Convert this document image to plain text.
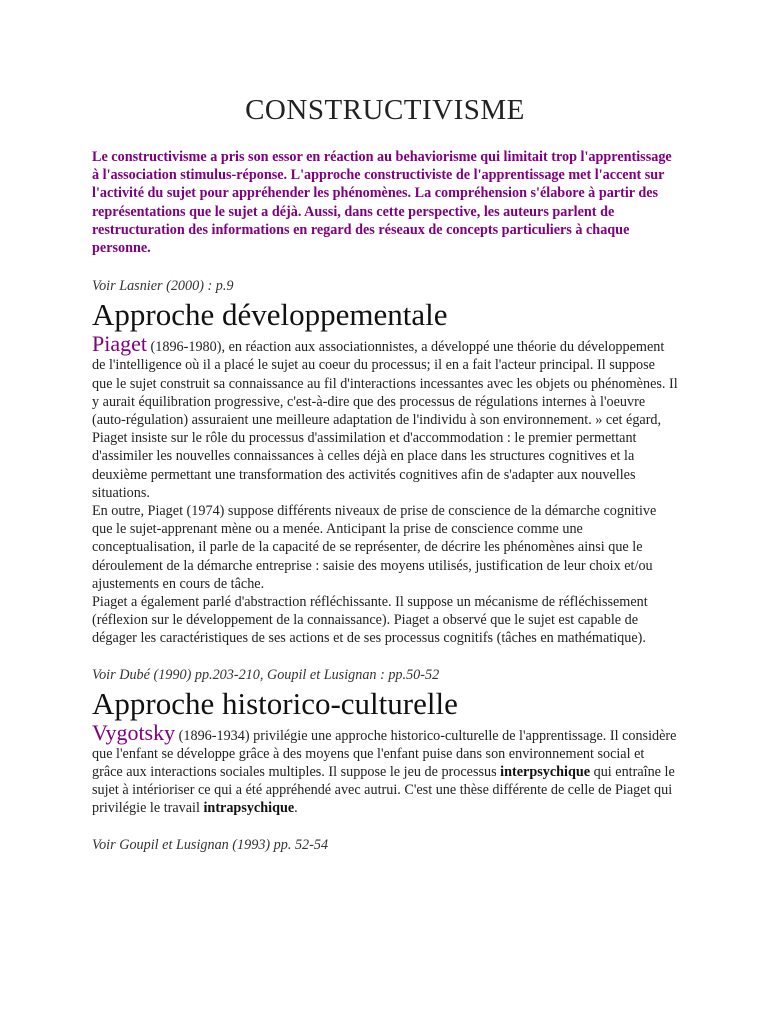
CONSTRUCTIVISME

Le constructivisme a pris son essor en réaction au behaviorisme qui limitait trop l'apprentissage à l'association stimulus-réponse. L'approche constructiviste de l'apprentissage met l'accent sur l'activité du sujet pour appréhender les phénomènes. La compréhension s'élabore à partir des représentations que le sujet a déjà. Aussi, dans cette perspective, les auteurs parlent de restructuration des informations en regard des réseaux de concepts particuliers à chaque personne.

Voir Lasnier (2000) : p.9

Approche développementale

Piaget (1896-1980), en réaction aux associationnistes, a développé une théorie du développement de l'intelligence où il a placé le sujet au coeur du processus; il en a fait l'acteur principal. Il suppose que le sujet construit sa connaissance au fil d'interactions incessantes avec les objets ou phénomènes. Il y aurait équilibration progressive, c'est-à-dire que des processus de régulations internes à l'oeuvre (auto-régulation) assuraient une meilleure adaptation de l'individu à son environnement. » cet égard, Piaget insiste sur le rôle du processus d'assimilation et d'accommodation : le premier permettant d'assimiler les nouvelles connaissances à celles déjà en place dans les structures cognitives et la deuxième permettant une transformation des activités cognitives afin de s'adapter aux nouvelles situations.

En outre, Piaget (1974) suppose différents niveaux de prise de conscience de la démarche cognitive que le sujet-apprenant mène ou a menée. Anticipant la prise de conscience comme une conceptualisation, il parle de la capacité de se représenter, de décrire les phénomènes ainsi que le déroulement de la démarche entreprise : saisie des moyens utilisés, justification de leur choix et/ou ajustements en cours de tâche.

Piaget a également parlé d'abstraction réfléchissante. Il suppose un mécanisme de réfléchissement (réflexion sur le développement de la connaissance). Piaget a observé que le sujet est capable de dégager les caractéristiques de ses actions et de ses processus cognitifs (tâches en mathématique).

Voir Dubé (1990) pp.203-210, Goupil et Lusignan : pp.50-52

Approche historico-culturelle

Vygotsky (1896-1934) privilégie une approche historico-culturelle de l'apprentissage. Il considère que l'enfant se développe grâce à des moyens que l'enfant puise dans son environnement social et grâce aux interactions sociales multiples. Il suppose le jeu de processus interpsychique qui entraîne le sujet à intérioriser ce qui a été appréhendé avec autrui. C'est une thèse différente de celle de Piaget qui privilégie le travail intrapsychique.

Voir Goupil et Lusignan (1993) pp. 52-54
